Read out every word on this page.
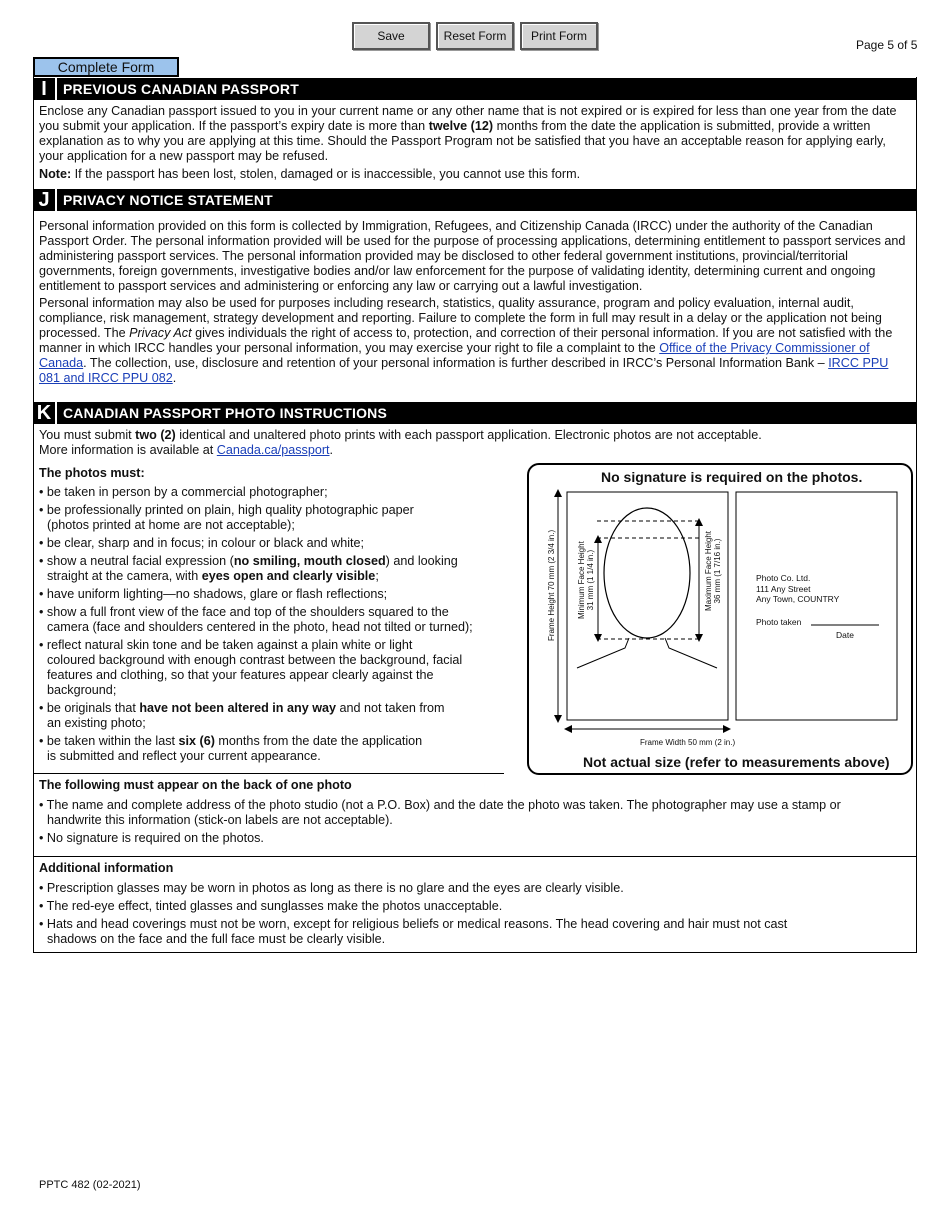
Save	Reset Form	Print Form
Page 5 of 5
Complete Form
I	PREVIOUS CANADIAN PASSPORT
Enclose any Canadian passport issued to you in your current name or any other name that is not expired or is expired for less than one year from the date you submit your application. If the passport’s expiry date is more than twelve (12) months from the date the application is submitted, provide a written explanation as to why you are applying at this time. Should the Passport Program not be satisfied that you have an acceptable reason for applying early, your application for a new passport may be refused.
Note: If the passport has been lost, stolen, damaged or is inaccessible, you cannot use this form.
J PRIVACY NOTICE STATEMENT
Personal information provided on this form is collected by Immigration, Refugees, and Citizenship Canada (IRCC) under the authority of the Canadian Passport Order. The personal information provided will be used for the purpose of processing applications, determining entitlement to passport services and administering passport services. The personal information provided may be disclosed to other federal government institutions, provincial/territorial governments, foreign governments, investigative bodies and/or law enforcement for the purpose of validating identity, determining current and ongoing entitlement to passport services and administering or enforcing any law or carrying out a lawful investigation.
Personal information may also be used for purposes including research, statistics, quality assurance, program and policy evaluation, internal audit, compliance, risk management, strategy development and reporting. Failure to complete the form in full may result in a delay or the application not being processed. The Privacy Act gives individuals the right of access to, protection, and correction of their personal information. If you are not satisfied with the manner in which IRCC handles your personal information, you may exercise your right to file a complaint to the Office of the Privacy Commissioner of Canada. The collection, use, disclosure and retention of your personal information is further described in IRCC’s Personal Information Bank – IRCC PPU 081 and IRCC PPU 082.
K CANADIAN PASSPORT PHOTO INSTRUCTIONS
You must submit two (2) identical and unaltered photo prints with each passport application. Electronic photos are not acceptable.
More information is available at Canada.ca/passport.
The photos must:
• be taken in person by a commercial photographer;
• be professionally printed on plain, high quality photographic paper (photos printed at home are not acceptable);
• be clear, sharp and in focus; in colour or black and white;
• show a neutral facial expression (no smiling, mouth closed) and looking straight at the camera, with eyes open and clearly visible;
• have uniform lighting—no shadows, glare or flash reflections;
• show a full front view of the face and top of the shoulders squared to the camera (face and shoulders centered in the photo, head not tilted or turned);
• reflect natural skin tone and be taken against a plain white or light coloured background with enough contrast between the background, facial features and clothing, so that your features appear clearly against the background;
• be originals that have not been altered in any way and not taken from an existing photo;
• be taken within the last six (6) months from the date the application is submitted and reflect your current appearance.
No signature is required on the photos.
Not actual size (refer to measurements above)
Frame Height 70 mm (2 3/4 in.)
Frame Width 50 mm (2 in.)
Minimum Face Height 31 mm (1 1/4 in.)	Maximum Face Height 36 mm (1 7/16 in.)	Photo Co. Ltd.
111 Any Street
Any Town, COUNTRY
Photo taken
Date
The following must appear on the back of one photo
• The name and complete address of the photo studio (not a P.O. Box) and the date the photo was taken. The photographer may use a stamp or handwrite this information (stick-on labels are not acceptable).
• No signature is required on the photos.
Additional information
• Prescription glasses may be worn in photos as long as there is no glare and the eyes are clearly visible.
• The red-eye effect, tinted glasses and sunglasses make the photos unacceptable.
• Hats and head coverings must not be worn, except for religious beliefs or medical reasons. The head covering and hair must not cast shadows on the face and the full face must be clearly visible.
PPTC 482 (02-2021)
